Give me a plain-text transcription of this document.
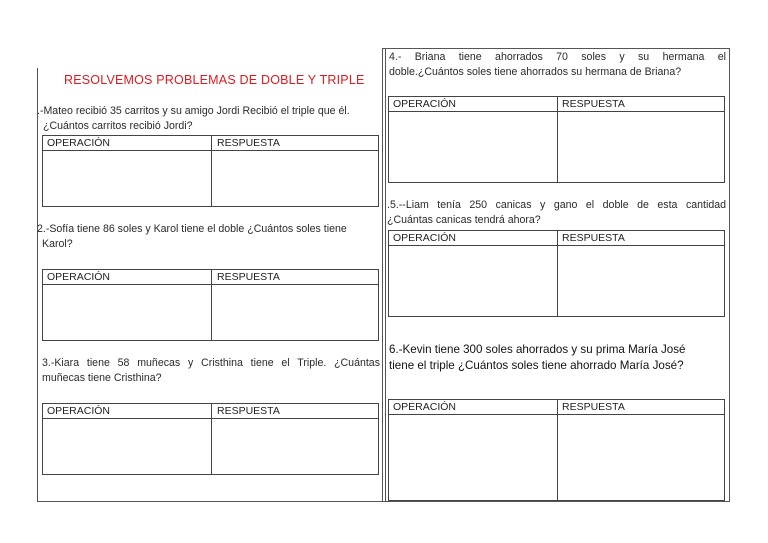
RESOLVEMOS PROBLEMAS DE DOBLE Y TRIPLE
.-Mateo recibió 35 carritos y su amigo Jordi Recibió el triple que él.
¿Cuántos carritos recibió Jordi?
OPERACIÓN	RESPUESTA
2.-Sofía tiene 86 soles y Karol tiene el doble ¿Cuántos soles tiene
Karol?
OPERACIÓN	RESPUESTA
3.-Kiara tiene 58 muñecas y Cristhina tiene el Triple. ¿Cuántas
muñecas tiene Cristhina?
OPERACIÓN	RESPUESTA
4.- Briana tiene ahorrados 70 soles y su hermana el
doble.¿Cuántos soles tiene ahorrados su hermana de Briana?
OPERACIÓN	RESPUESTA
.5.--Liam tenía 250 canicas y gano el doble de esta cantidad
¿Cuántas canicas tendrá ahora?
OPERACIÓN	RESPUESTA
6.-Kevin tiene 300 soles ahorrados y su prima María José
tiene el triple ¿Cuántos soles tiene ahorrado María José?
OPERACIÓN	RESPUESTA
